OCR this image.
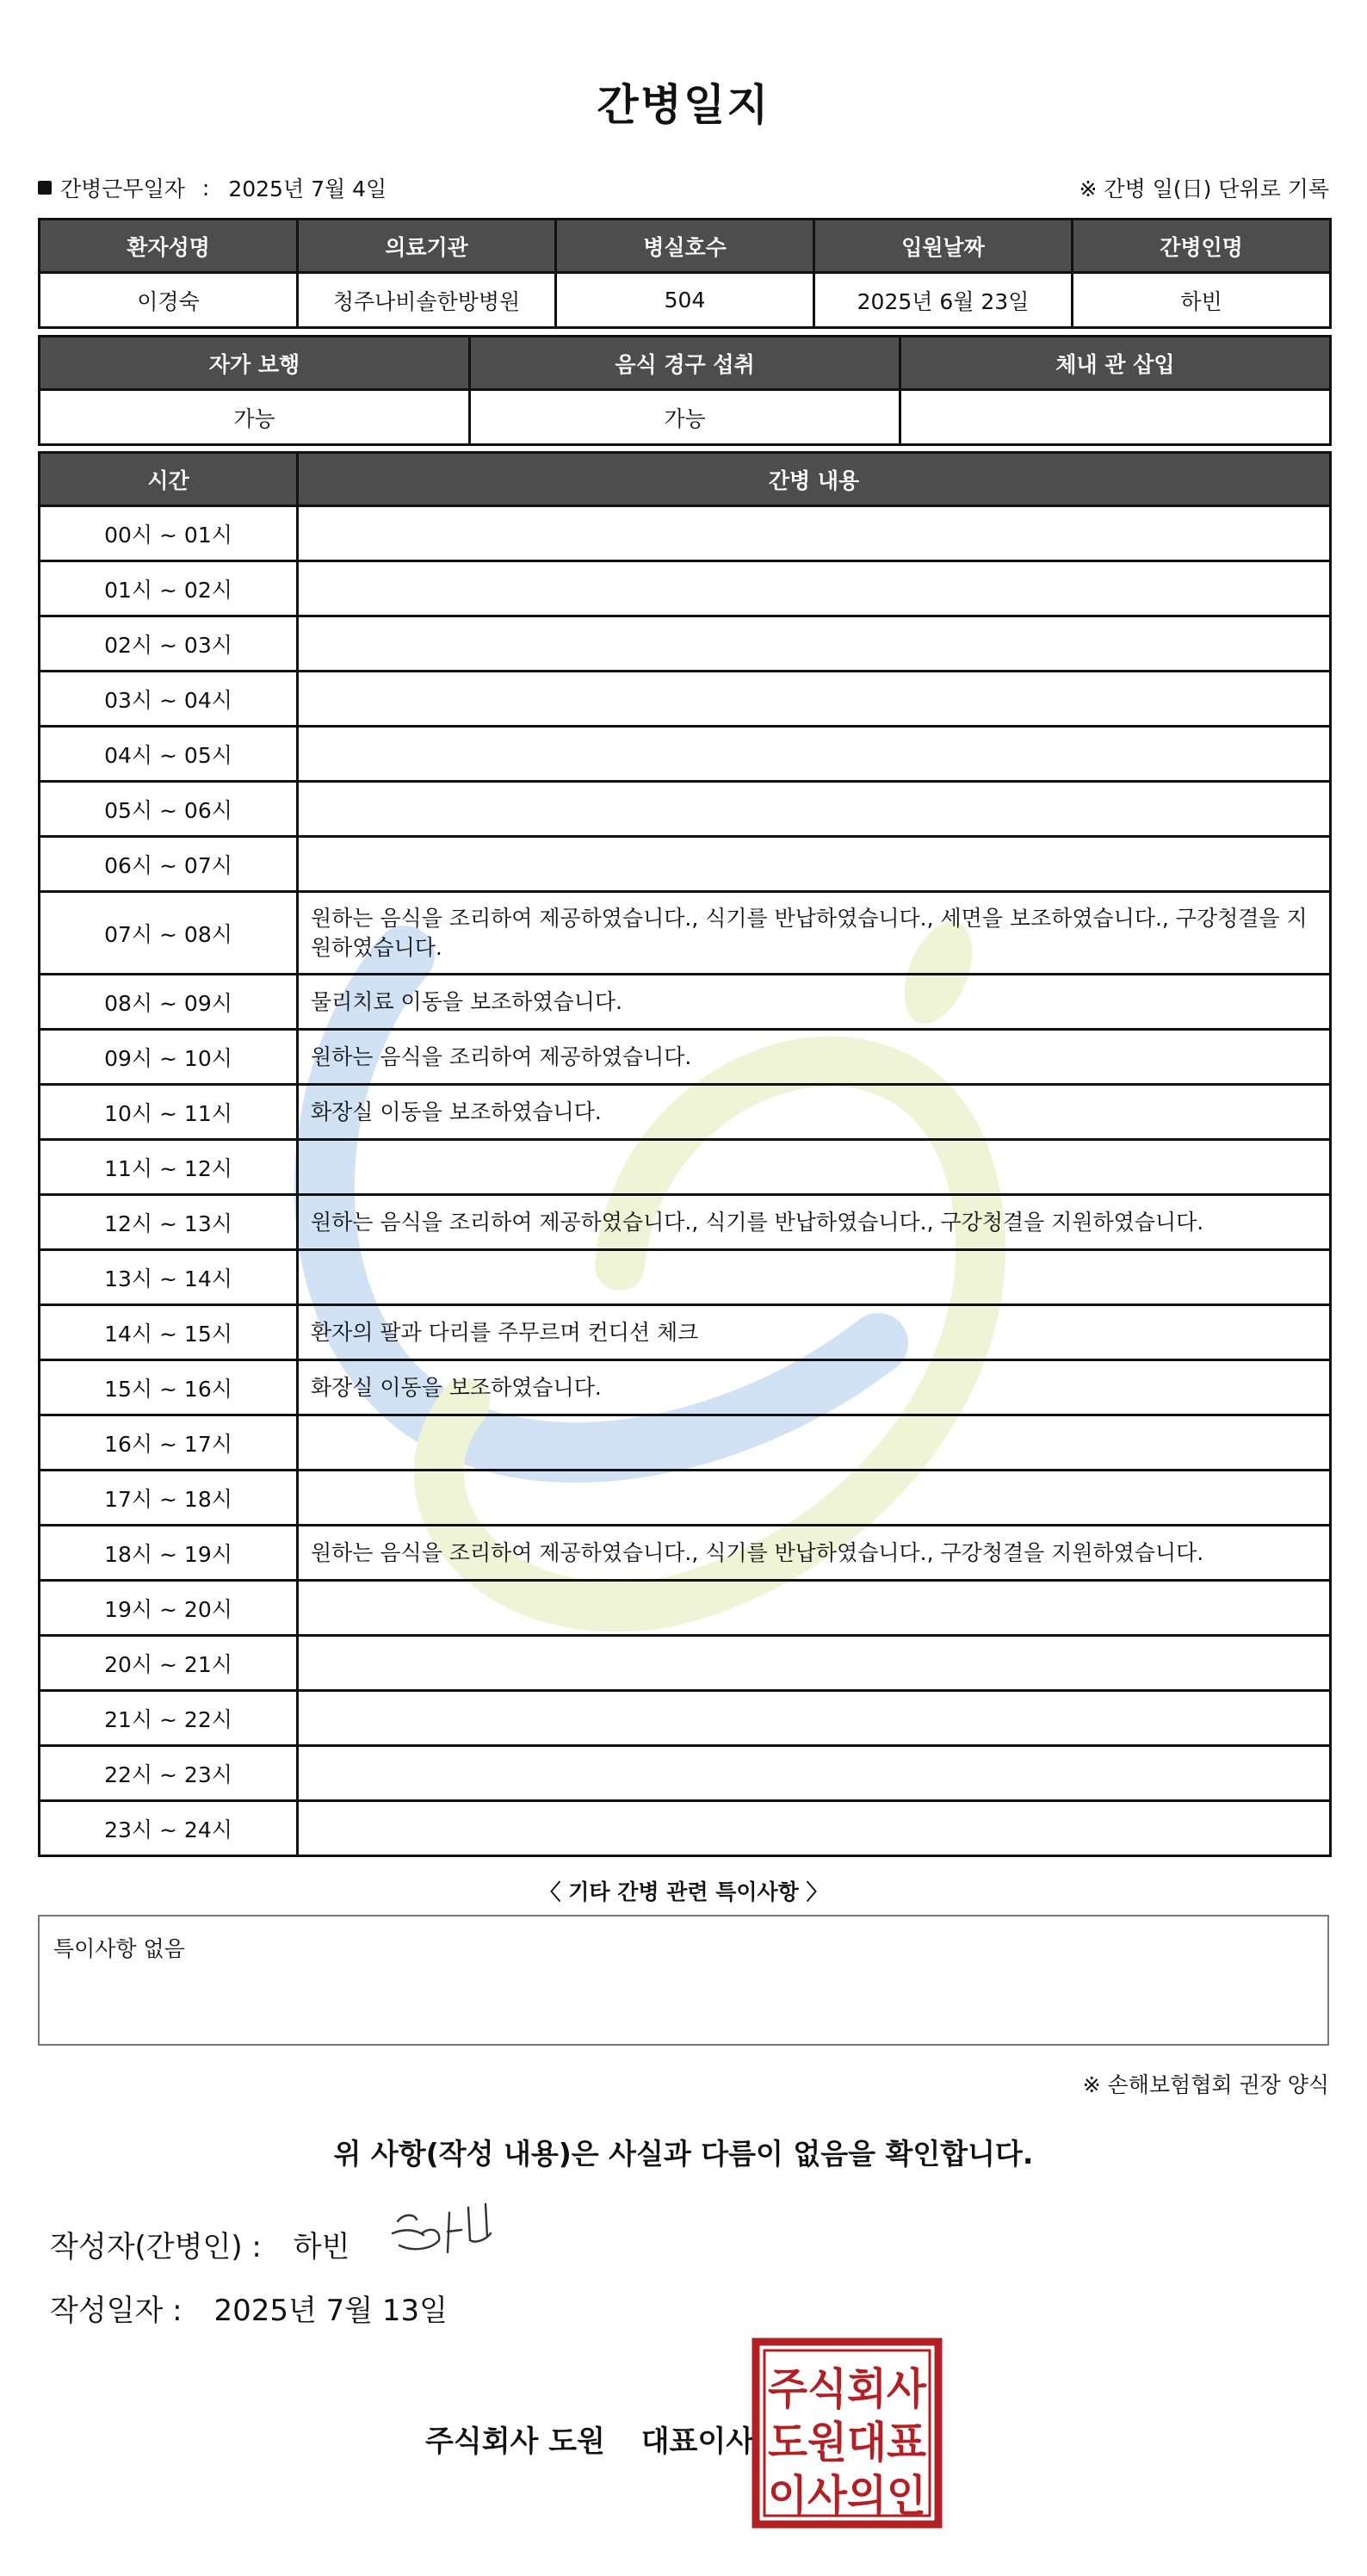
간병일지
간병근무일자 : 2025년 7월 4일	※ 간병 일(日) 단위로 기록
환자성명	의료기관	병실호수	입원날짜	간병인명
이경숙	청주나비솔한방병원	504	2025년 6월 23일	하빈
자가 보행	음식 경구 섭취	체내 관 삽입
가능	가능	
시간	간병 내용
00시 ~ 01시	
01시 ~ 02시	
02시 ~ 03시	
03시 ~ 04시	
04시 ~ 05시	
05시 ~ 06시	
06시 ~ 07시	
07시 ~ 08시	원하는 음식을 조리하여 제공하였습니다., 식기를 반납하였습니다., 세면을 보조하였습니다., 구강청결을 지원하였습니다.
08시 ~ 09시	물리치료 이동을 보조하였습니다.
09시 ~ 10시	원하는 음식을 조리하여 제공하였습니다.
10시 ~ 11시	화장실 이동을 보조하였습니다.
11시 ~ 12시	
12시 ~ 13시	원하는 음식을 조리하여 제공하였습니다., 식기를 반납하였습니다., 구강청결을 지원하였습니다.
13시 ~ 14시	
14시 ~ 15시	환자의 팔과 다리를 주무르며 컨디션 체크
15시 ~ 16시	화장실 이동을 보조하였습니다.
16시 ~ 17시	
17시 ~ 18시	
18시 ~ 19시	원하는 음식을 조리하여 제공하였습니다., 식기를 반납하였습니다., 구강청결을 지원하였습니다.
19시 ~ 20시	
20시 ~ 21시	
21시 ~ 22시	
22시 ~ 23시	
23시 ~ 24시	
〈 기타 간병 관련 특이사항 〉
특이사항 없음
※ 손해보험협회 권장 양식
위 사항(작성 내용)은 사실과 다름이 없음을 확인합니다.
작성자(간병인) : 하빈
작성일자 : 2025년 7월 13일
주식회사 도원 대표이사
주식회사
도원대표
이사의인
